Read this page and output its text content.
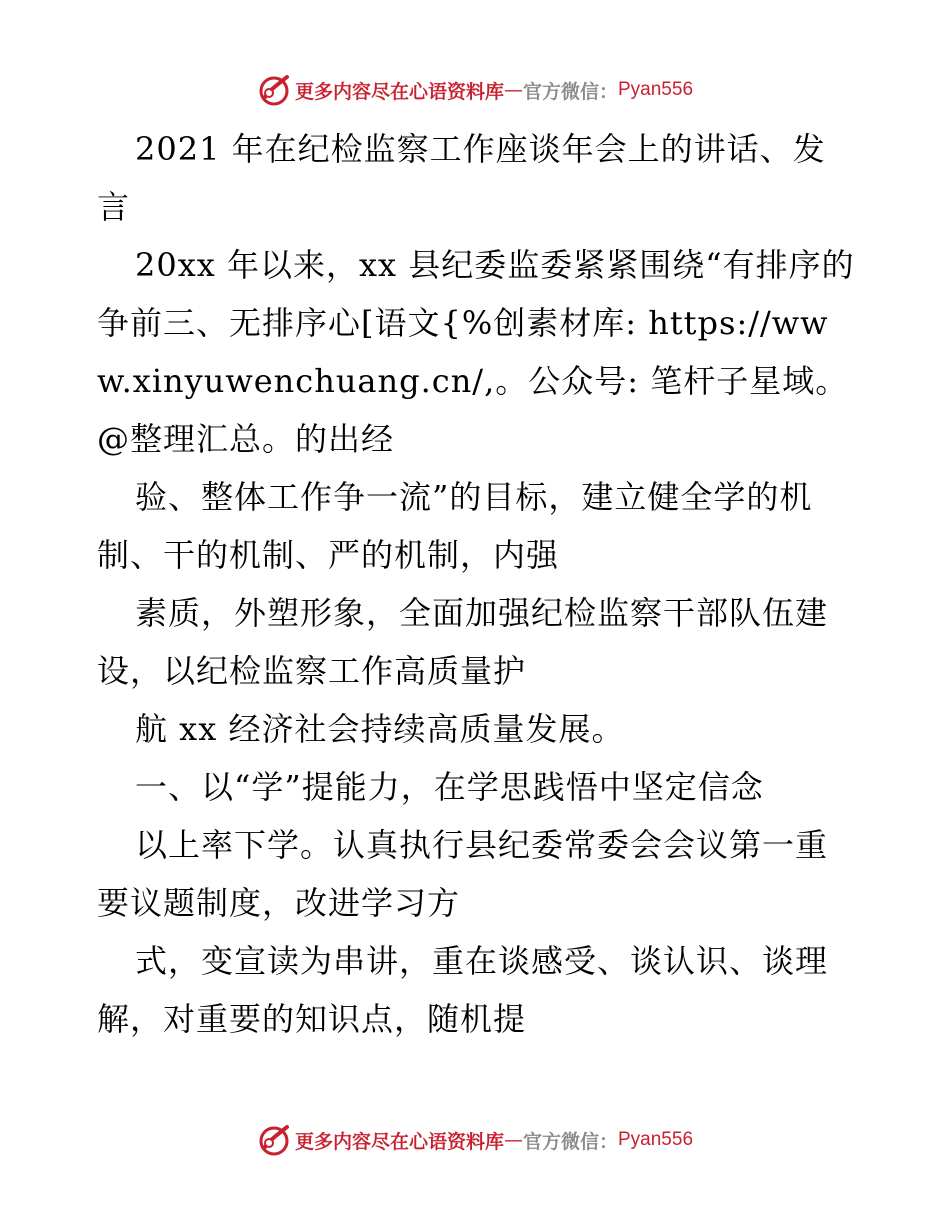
更多内容尽在心语资料库 — 官方微信： Pyan556

2021 年在纪检监察工作座谈年会上的讲话、发言

20xx 年以来，xx 县纪委监委紧紧围绕“有排序的争前三、无排序心[语文{%创素材库: https://www.xinyuwenchuang.cn/,。公众号: 笔杆子星域。@整理汇总。的出经

验、整体工作争一流”的目标，建立健全学的机制、干的机制、严的机制，内强

素质，外塑形象，全面加强纪检监察干部队伍建设，以纪检监察工作高质量护

航 xx 经济社会持续高质量发展。

一、以“学”提能力，在学思践悟中坚定信念

以上率下学。认真执行县纪委常委会会议第一重要议题制度，改进学习方

式，变宣读为串讲，重在谈感受、谈认识、谈理解，对重要的知识点，随机提

更多内容尽在心语资料库 — 官方微信： Pyan556
